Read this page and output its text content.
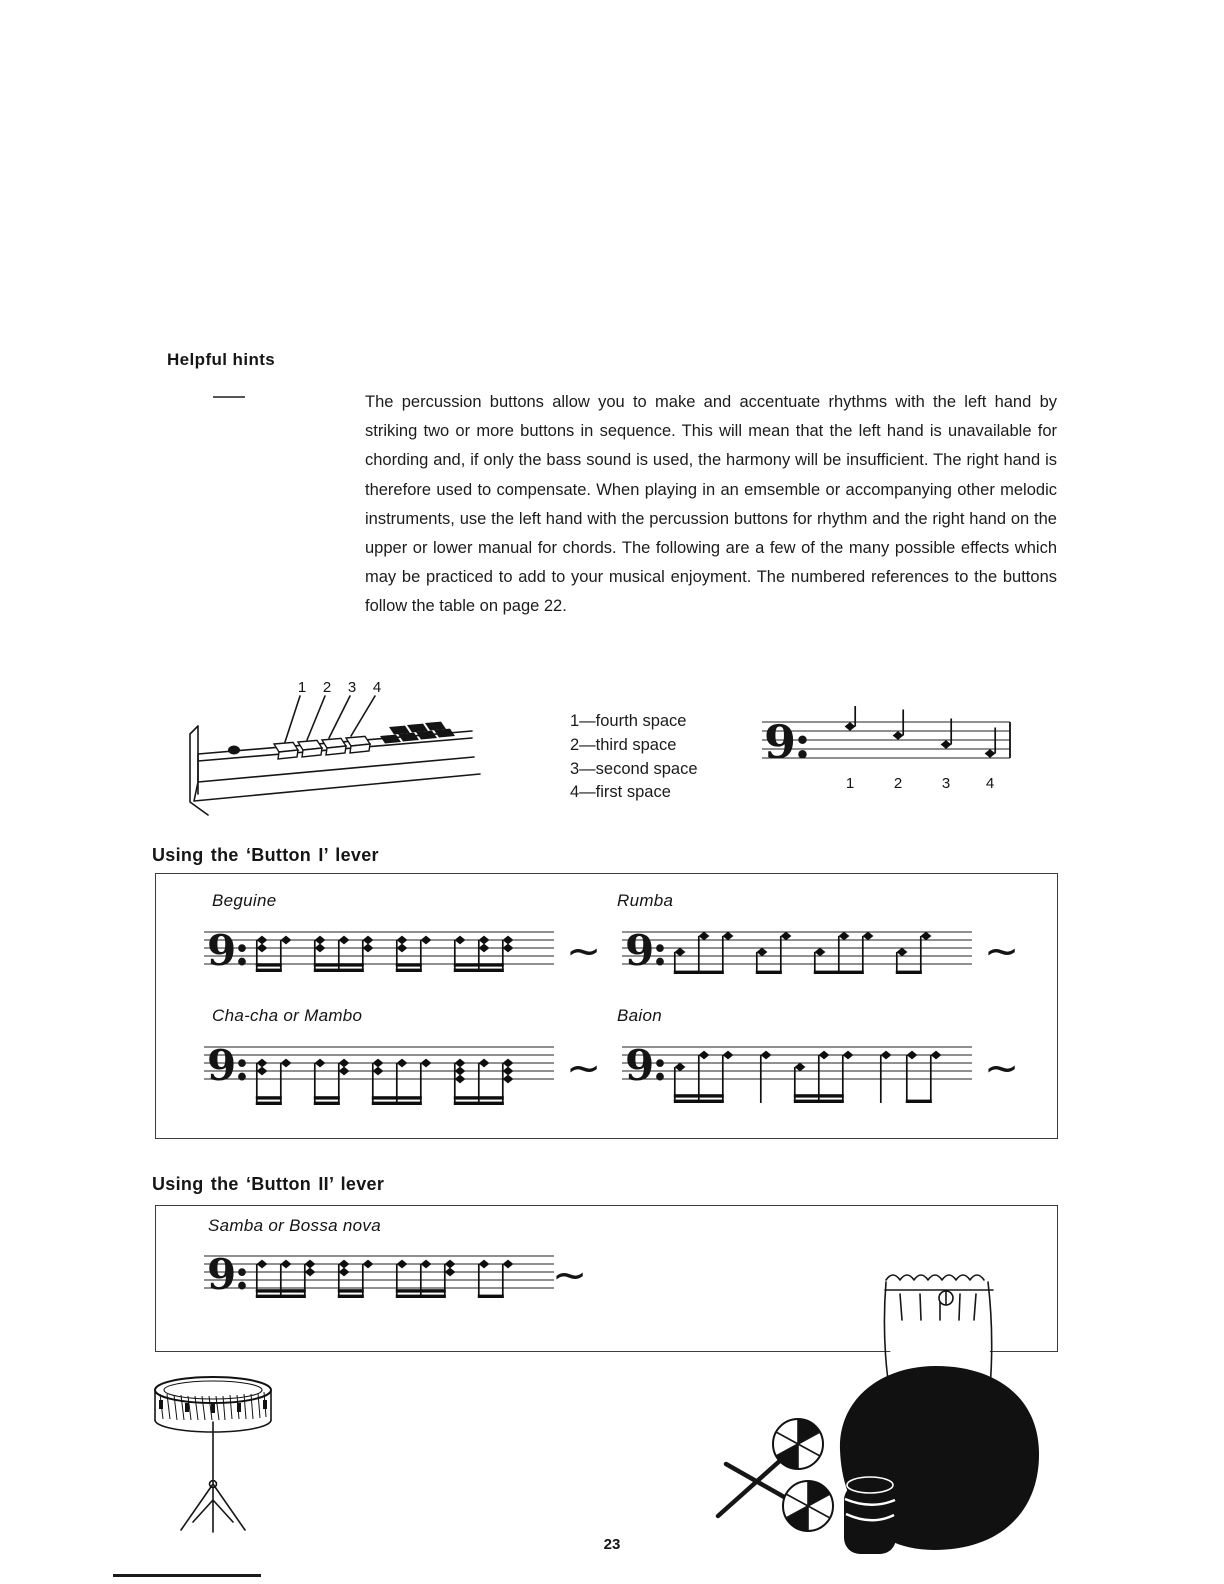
Helpful hints
The percussion buttons allow you to make and accentuate rhythms with the left hand by striking two or more buttons in sequence. This will mean that the left hand is unavailable for chording and, if only the bass sound is used, the harmony will be insufficient. The right hand is therefore used to compensate. When playing in an emsemble or accompanying other melodic instruments, use the left hand with the percussion buttons for rhythm and the right hand on the upper or lower manual for chords. The following are a few of the many possible effects which may be practiced to add to your musical enjoyment. The numbered references to the buttons follow the table on page 22.
1 2 3 4
1—fourth space
2—third space
3—second space
4—first space
9:
1	2	3 4
Using the ‘Button I’ lever
Beguine
9:	~
Rumba
9:	~
Cha-cha or Mambo
9:	~
Baion
9:	~
Using the ‘Button II’ lever
Samba or Bossa nova
9:	~
23
